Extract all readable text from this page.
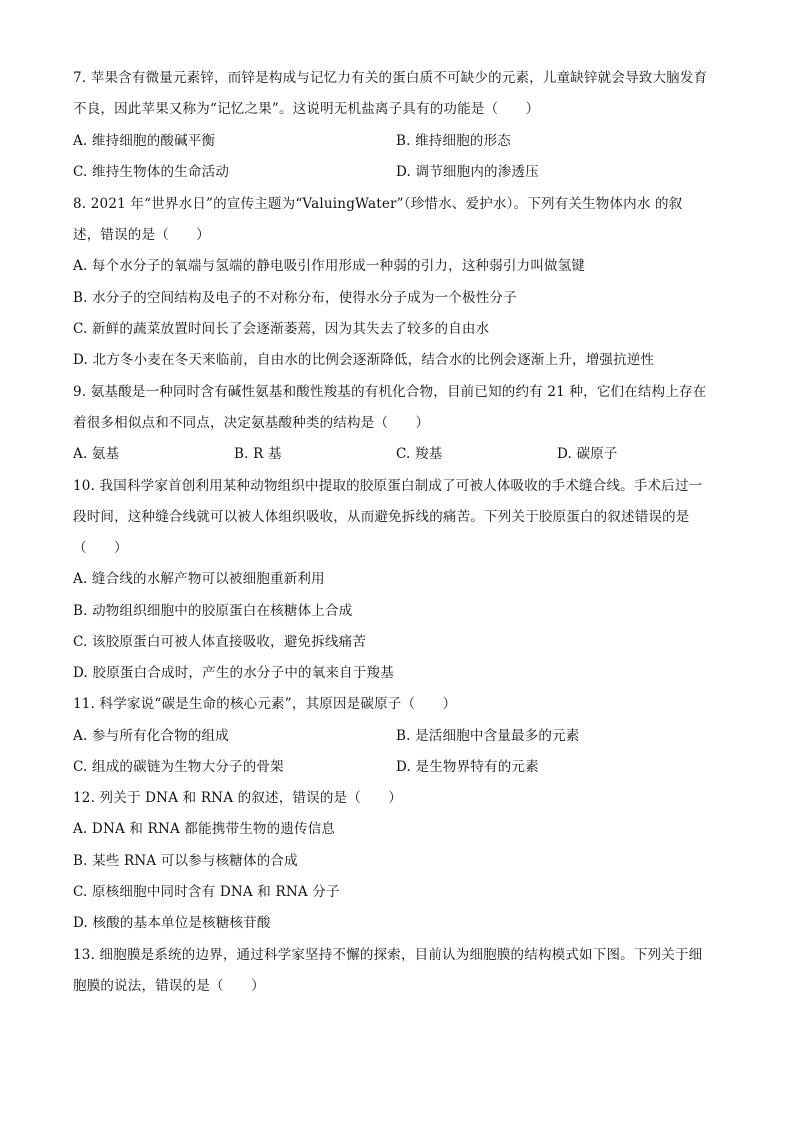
7. 苹果含有微量元素锌，而锌是构成与记忆力有关的蛋白质不可缺少的元素，儿童缺锌就会导致大脑发育
不良，因此苹果又称为“记忆之果”。这说明无机盐离子具有的功能是（　　）
A. 维持细胞的酸碱平衡	B. 维持细胞的形态
C. 维持生物体的生命活动	D. 调节细胞内的渗透压
8. 2021 年“世界水日”的宣传主题为“ValuingWater”（珍惜水、爱护水）。下列有关生物体内水 的叙
述，错误的是（　　）
A. 每个水分子的氧端与氢端的静电吸引作用形成一种弱的引力，这种弱引力叫做氢键
B. 水分子的空间结构及电子的不对称分布，使得水分子成为一个极性分子
C. 新鲜的蔬菜放置时间长了会逐渐萎蔫，因为其失去了较多的自由水
D. 北方冬小麦在冬天来临前，自由水的比例会逐渐降低，结合水的比例会逐渐上升，增强抗逆性
9. 氨基酸是一种同时含有碱性氨基和酸性羧基的有机化合物，目前已知的约有 21 种，它们在结构上存在
着很多相似点和不同点，决定氨基酸种类的结构是（　　）
A. 氨基	B. R 基	C. 羧基	D. 碳原子
10. 我国科学家首创利用某种动物组织中提取的胶原蛋白制成了可被人体吸收的手术缝合线。手术后过一
段时间，这种缝合线就可以被人体组织吸收，从而避免拆线的痛苦。下列关于胶原蛋白的叙述错误的是
（　　）
A. 缝合线的水解产物可以被细胞重新利用
B. 动物组织细胞中的胶原蛋白在核糖体上合成
C. 该胶原蛋白可被人体直接吸收，避免拆线痛苦
D. 胶原蛋白合成时，产生的水分子中的氧来自于羧基
11. 科学家说“碳是生命的核心元素”，其原因是碳原子（　　）
A. 参与所有化合物的组成	B. 是活细胞中含量最多的元素
C. 组成的碳链为生物大分子的骨架	D. 是生物界特有的元素
12. 列关于 DNA 和 RNA 的叙述，错误的是（　　）
A. DNA 和 RNA 都能携带生物的遗传信息
B. 某些 RNA 可以参与核糖体的合成
C. 原核细胞中同时含有 DNA 和 RNA 分子
D. 核酸的基本单位是核糖核苷酸
13. 细胞膜是系统的边界，通过科学家坚持不懈的探索，目前认为细胞膜的结构模式如下图。下列关于细
胞膜的说法，错误的是（　　）
